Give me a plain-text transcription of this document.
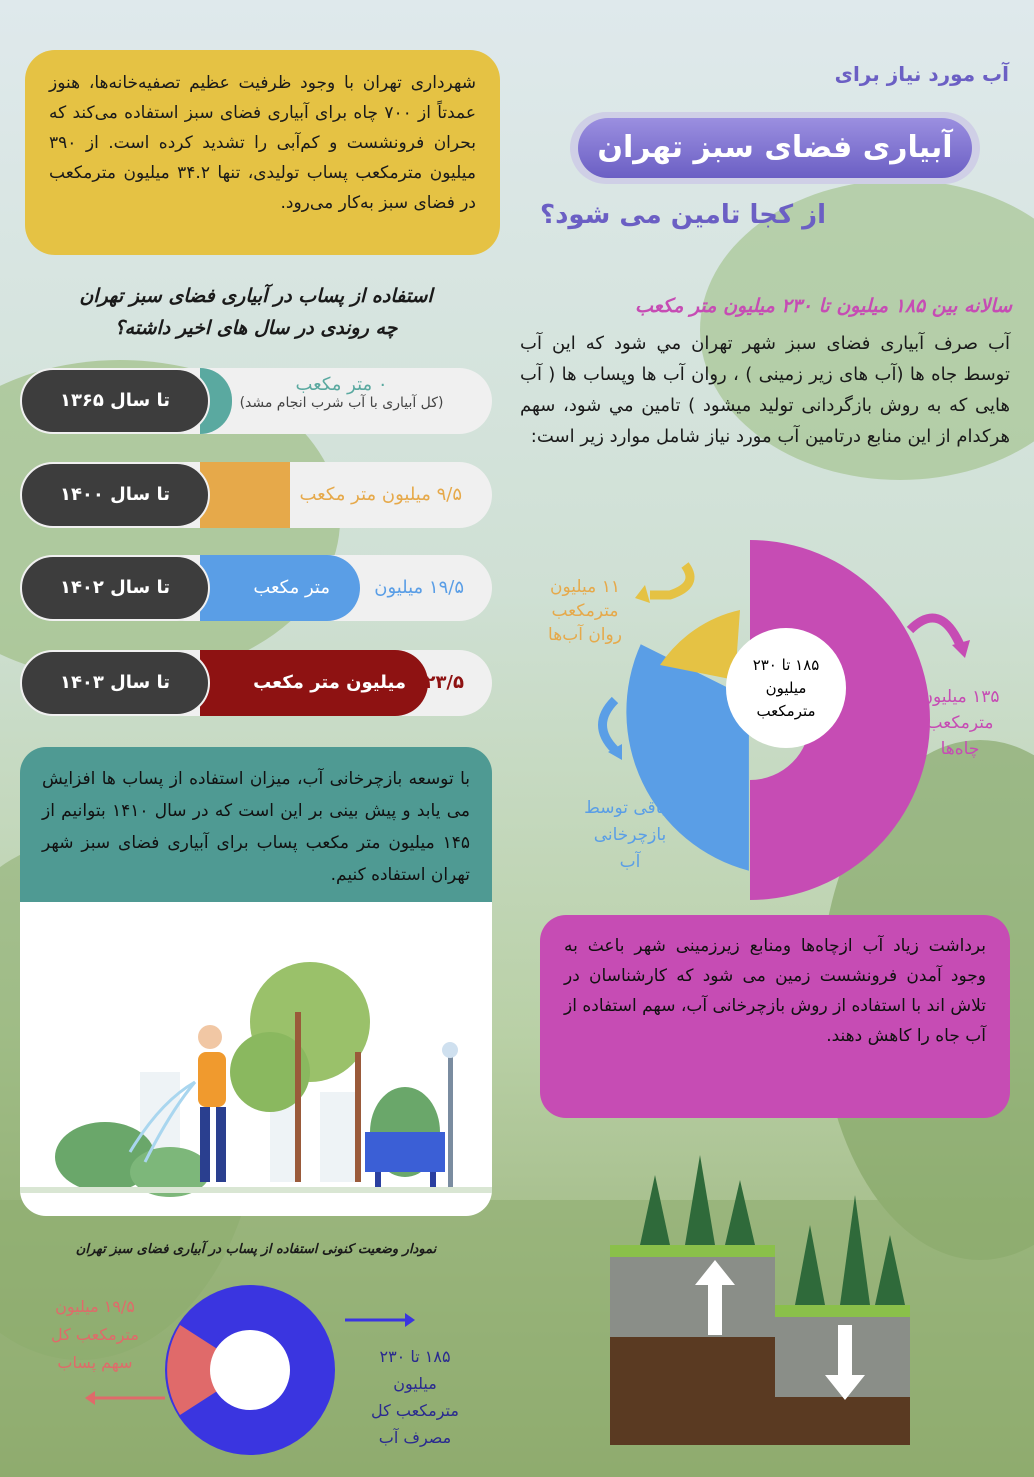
آب مورد نیاز برای
آبیاری فضای سبز تهران
از کجا تامین می شود؟

شهرداری تهران با وجود ظرفیت عظیم تصفیه‌خانه‌ها، هنوز عمدتاً از ۷۰۰ چاه برای آبیاری فضای سبز استفاده می‌کند که بحران فرونشست و کم‌آبی را تشدید کرده است. از ۳۹۰ میلیون مترمکعب پساب تولیدی، تنها ۳۴.۲ میلیون مترمکعب در فضای سبز به‌کار می‌رود.

استفاده از پساب در آبیاری فضای سبز تهران
چه روندی در سال های اخیر داشته؟
تا سال ۱۳۶۵
۰ متر مکعب
(کل آبیاری با آب شرب انجام مشد)
تا سال ۱۴۰۰	۹/۵ میلیون متر مکعب
تا سال ۱۴۰۲	۱۹/۵ میلیون
متر مکعب
تا سال ۱۴۰۳	۲۳/۵
میلیون متر مکعب

با توسعه بازچرخانی آب، میزان استفاده از پساب ها افزایش می یابد و پیش بینی بر این است که در سال ۱۴۱۰ بتوانیم از ۱۴۵ میلیون متر مکعب پساب برای آبیاری فضای سبز شهر تهران استفاده کنیم.

سالانه بین ۱۸۵ میلیون تا ۲۳۰ میلیون متر مکعب
آب صرف آبیاری فضای سبز شهر تهران مي شود که این آب توسط جاه ها (آب های زیر زمینی ) ، روان آب ها وپساب ها ( آب هایی که به روش بازگردانی تولید میشود ) تامین مي شود، سهم هرکدام از این منابع درتامین آب مورد نیاز شامل موارد زیر است:
۱۸۵ تا ۲۳۰
میلیون
مترمکعب
۱۱ میلیون
مترمکعب
روان آب‌ها
۱۳۵ میلیون
مترمکعب
چاه‌ها
الباقی توسط
بازچرخانی
آب

برداشت زیاد آب ازچاه‌ها ومنابع زیرزمینی شهر باعث به وجود آمدن فرونشست زمین می شود که کارشناسان در تلاش اند با استفاده از روش بازچرخانی آب، سهم استفاده از آب جاه را کاهش دهند.

نمودار وضعیت کنونی استفاده از پساب در آبیاری فضای سبز تهران
۱۹/۵ میلیون
مترمکعب کل
سهم پساب	۱۸۵ تا ۲۳۰
میلیون
مترمکعب کل
مصرف آب
